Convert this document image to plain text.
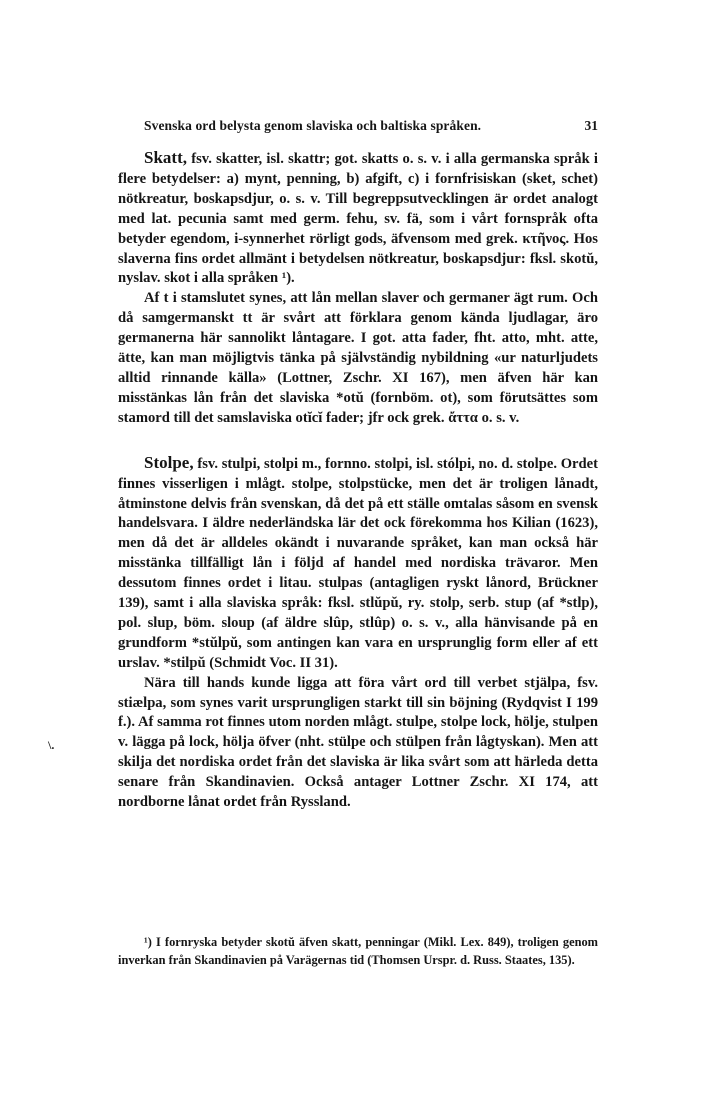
Svenska ord belysta genom slaviska och baltiska språken.	31
\.

Skatt, fsv. skatter, isl. skattr; got. skatts o. s. v. i alla germanska språk i flere betydelser: a) mynt, penning, b) afgift, c) i fornfrisiskan (sket, schet) nötkreatur, boskapsdjur, o. s. v. Till begreppsutvecklingen är ordet analogt med lat. pecunia samt med germ. fehu, sv. fä, som i vårt fornspråk ofta betyder egendom, i-synnerhet rörligt gods, äfvensom med grek. κτῆνος. Hos slaverna fins ordet allmänt i betydelsen nötkreatur, boskapsdjur: fksl. skotŭ, nyslav. skot i alla språken ¹).

Af t i stamslutet synes, att lån mellan slaver och germaner ägt rum. Och då samgermanskt tt är svårt att förklara genom kända ljudlagar, äro germanerna här sannolikt låntagare. I got. atta fader, fht. atto, mht. atte, ätte, kan man möjligtvis tänka på självständig nybildning «ur naturljudets alltid rinnande källa» (Lottner, Zschr. XI 167), men äfven här kan misstänkas lån från det slaviska *otŭ (fornböm. ot), som förutsättes som stamord till det samslaviska otĭcĭ fader; jfr ock grek. ἄττα o. s. v.

Stolpe, fsv. stulpi, stolpi m., fornno. stolpi, isl. stólpi, no. d. stolpe. Ordet finnes visserligen i mlågt. stolpe, stolpstücke, men det är troligen lånadt, åtminstone delvis från svenskan, då det på ett ställe omtalas såsom en svensk handelsvara. I äldre nederländska lär det ock förekomma hos Kilian (1623), men då det är alldeles okändt i nuvarande språket, kan man också här misstänka tillfälligt lån i följd af handel med nordiska trävaror. Men dessutom finnes ordet i litau. stulpas (antagligen ryskt lånord, Brückner 139), samt i alla slaviska språk: fksl. stlŭpŭ, ry. stolp, serb. stup (af *stlp), pol. slup, böm. sloup (af äldre slûp, stlûp) o. s. v., alla hänvisande på en grundform *stŭlpŭ, som antingen kan vara en ursprunglig form eller af ett urslav. *stilpŭ (Schmidt Voc. II 31).

Nära till hands kunde ligga att föra vårt ord till verbet stjälpa, fsv. stiælpa, som synes varit ursprungligen starkt till sin böjning (Rydqvist I 199 f.). Af samma rot finnes utom norden mlågt. stulpe, stolpe lock, hölje, stulpen v. lägga på lock, hölja öfver (nht. stülpe och stülpen från lågtyskan). Men att skilja det nordiska ordet från det slaviska är lika svårt som att härleda detta senare från Skandinavien. Också antager Lottner Zschr. XI 174, att nordborne lånat ordet från Ryssland.

¹) I fornryska betyder skotŭ äfven skatt, penningar (Mikl. Lex. 849), troligen genom inverkan från Skandinavien på Varägernas tid (Thomsen Urspr. d. Russ. Staates, 135).
